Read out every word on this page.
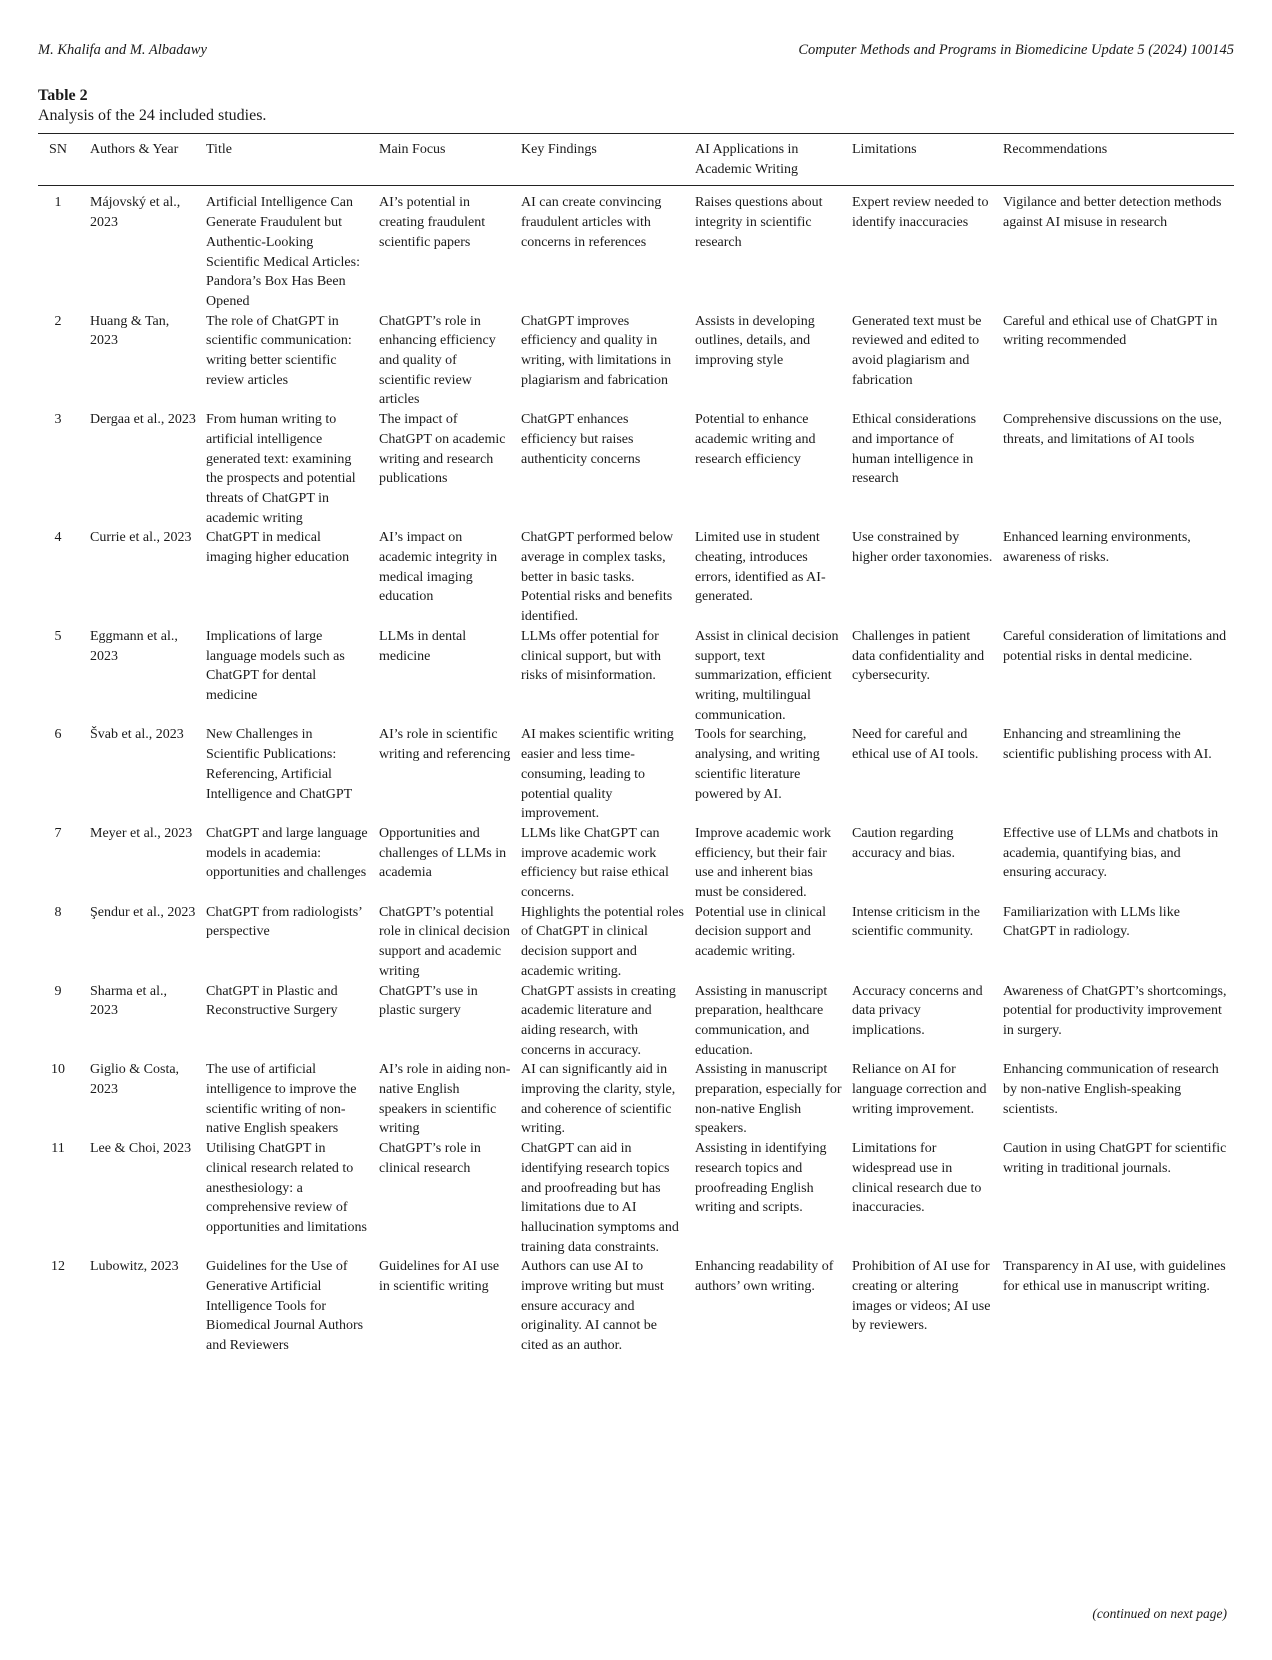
M. Khalifa and M. Albadawy	Computer Methods and Programs in Biomedicine Update 5 (2024) 100145
Table 2
Analysis of the 24 included studies.
SN	Authors & Year	Title	Main Focus	Key Findings	AI Applications in Academic Writing	Limitations	Recommendations
1	Májovský et al., 2023	Artificial Intelligence Can Generate Fraudulent but Authentic-Looking Scientific Medical Articles: Pandora’s Box Has Been Opened	AI’s potential in creating fraudulent scientific papers	AI can create convincing fraudulent articles with concerns in references	Raises questions about integrity in scientific research	Expert review needed to identify inaccuracies	Vigilance and better detection methods against AI misuse in research
2	Huang & Tan, 2023	The role of ChatGPT in scientific communication: writing better scientific review articles	ChatGPT’s role in enhancing efficiency and quality of scientific review articles	ChatGPT improves efficiency and quality in writing, with limitations in plagiarism and fabrication	Assists in developing outlines, details, and improving style	Generated text must be reviewed and edited to avoid plagiarism and fabrication	Careful and ethical use of ChatGPT in writing recommended
3	Dergaa et al., 2023	From human writing to artificial intelligence generated text: examining the prospects and potential threats of ChatGPT in academic writing	The impact of ChatGPT on academic writing and research publications	ChatGPT enhances efficiency but raises authenticity concerns	Potential to enhance academic writing and research efficiency	Ethical considerations and importance of human intelligence in research	Comprehensive discussions on the use, threats, and limitations of AI tools
4	Currie et al., 2023	ChatGPT in medical imaging higher education	AI’s impact on academic integrity in medical imaging education	ChatGPT performed below average in complex tasks, better in basic tasks. Potential risks and benefits identified.	Limited use in student cheating, introduces errors, identified as AI-generated.	Use constrained by higher order taxonomies.	Enhanced learning environments, awareness of risks.
5	Eggmann et al., 2023	Implications of large language models such as ChatGPT for dental medicine	LLMs in dental medicine	LLMs offer potential for clinical support, but with risks of misinformation.	Assist in clinical decision support, text summarization, efficient writing, multilingual communication.	Challenges in patient data confidentiality and cybersecurity.	Careful consideration of limitations and potential risks in dental medicine.
6	Švab et al., 2023	New Challenges in Scientific Publications: Referencing, Artificial Intelligence and ChatGPT	AI’s role in scientific writing and referencing	AI makes scientific writing easier and less time-consuming, leading to potential quality improvement.	Tools for searching, analysing, and writing scientific literature powered by AI.	Need for careful and ethical use of AI tools.	Enhancing and streamlining the scientific publishing process with AI.
7	Meyer et al., 2023	ChatGPT and large language models in academia: opportunities and challenges	Opportunities and challenges of LLMs in academia	LLMs like ChatGPT can improve academic work efficiency but raise ethical concerns.	Improve academic work efficiency, but their fair use and inherent bias must be considered.	Caution regarding accuracy and bias.	Effective use of LLMs and chatbots in academia, quantifying bias, and ensuring accuracy.
8	Şendur et al., 2023	ChatGPT from radiologists’ perspective	ChatGPT’s potential role in clinical decision support and academic writing	Highlights the potential roles of ChatGPT in clinical decision support and academic writing.	Potential use in clinical decision support and academic writing.	Intense criticism in the scientific community.	Familiarization with LLMs like ChatGPT in radiology.
9	Sharma et al., 2023	ChatGPT in Plastic and Reconstructive Surgery	ChatGPT’s use in plastic surgery	ChatGPT assists in creating academic literature and aiding research, with concerns in accuracy.	Assisting in manuscript preparation, healthcare communication, and education.	Accuracy concerns and data privacy implications.	Awareness of ChatGPT’s shortcomings, potential for productivity improvement in surgery.
10	Giglio & Costa, 2023	The use of artificial intelligence to improve the scientific writing of non-native English speakers	AI’s role in aiding non-native English speakers in scientific writing	AI can significantly aid in improving the clarity, style, and coherence of scientific writing.	Assisting in manuscript preparation, especially for non-native English speakers.	Reliance on AI for language correction and writing improvement.	Enhancing communication of research by non-native English-speaking scientists.
11	Lee & Choi, 2023	Utilising ChatGPT in clinical research related to anesthesiology: a comprehensive review of opportunities and limitations	ChatGPT’s role in clinical research	ChatGPT can aid in identifying research topics and proofreading but has limitations due to AI hallucination symptoms and training data constraints.	Assisting in identifying research topics and proofreading English writing and scripts.	Limitations for widespread use in clinical research due to inaccuracies.	Caution in using ChatGPT for scientific writing in traditional journals.
12	Lubowitz, 2023	Guidelines for the Use of Generative Artificial Intelligence Tools for Biomedical Journal Authors and Reviewers	Guidelines for AI use in scientific writing	Authors can use AI to improve writing but must ensure accuracy and originality. AI cannot be cited as an author.	Enhancing readability of authors’ own writing.	Prohibition of AI use for creating or altering images or videos; AI use by reviewers.	Transparency in AI use, with guidelines for ethical use in manuscript writing.
(continued on next page)
